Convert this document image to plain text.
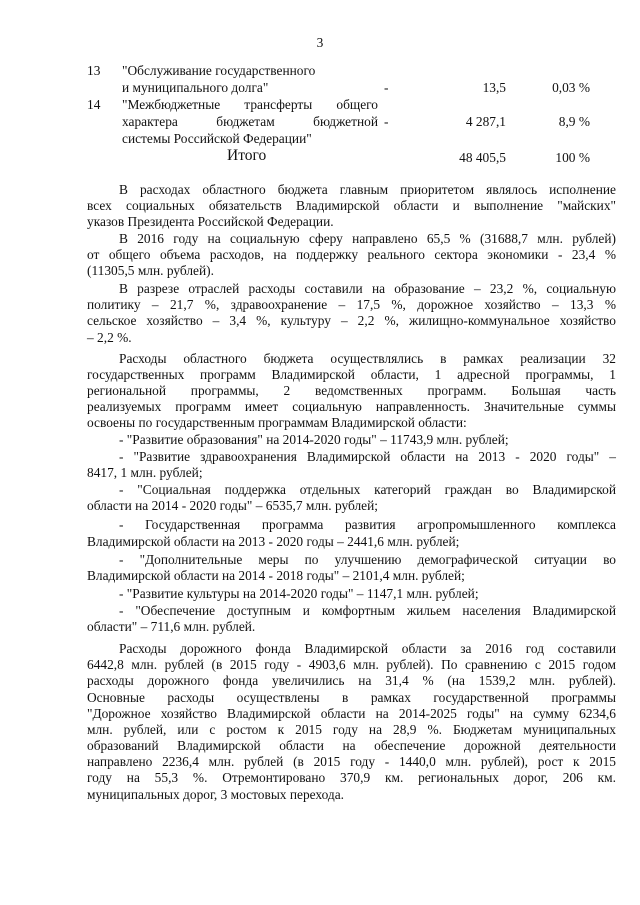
3
13 "Обслуживание государственного
и муниципального долга"	-	13,5	0,03 %
14 "Межбюджетные трансферты общего
характера бюджетам бюджетной
системы Российской Федерации"
-	4 287,1	8,9 %
Итого	48 405,5	100 %
В расходах областного бюджета главным приоритетом являлось исполнение
всех социальных обязательств Владимирской области и выполнение "майских"
указов Президента Российской Федерации.
В 2016 году на социальную сферу направлено 65,5 % (31688,7 млн. рублей)
от общего объема расходов, на поддержку реального сектора экономики - 23,4 %
(11305,5 млн. рублей).
В разрезе отраслей расходы составили на образование – 23,2 %, социальную
политику – 21,7 %, здравоохранение – 17,5 %, дорожное хозяйство – 13,3 %
сельское хозяйство – 3,4 %, культуру – 2,2 %, жилищно-коммунальное хозяйство
– 2,2 %.
Расходы областного бюджета осуществлялись в рамках реализации 32
государственных программ Владимирской области, 1 адресной программы, 1
региональной программы, 2 ведомственных программ. Большая часть
реализуемых программ имеет социальную направленность. Значительные суммы
освоены по государственным программам Владимирской области:
- "Развитие образования" на 2014-2020 годы" – 11743,9 млн. рублей;
- "Развитие здравоохранения Владимирской области на 2013 - 2020 годы" –
8417, 1 млн. рублей;
- "Социальная поддержка отдельных категорий граждан во Владимирской
области на 2014 - 2020 годы" – 6535,7 млн. рублей;
- Государственная программа развития агропромышленного комплекса
Владимирской области на 2013 - 2020 годы – 2441,6 млн. рублей;
- "Дополнительные меры по улучшению демографической ситуации во
Владимирской области на 2014 - 2018 годы" – 2101,4 млн. рублей;
- "Развитие культуры на 2014-2020 годы" – 1147,1 млн. рублей;
- "Обеспечение доступным и комфортным жильем населения Владимирской
области" – 711,6 млн. рублей.
Расходы дорожного фонда Владимирской области за 2016 год составили
6442,8 млн. рублей (в 2015 году - 4903,6 млн. рублей). По сравнению с 2015 годом
расходы дорожного фонда увеличились на 31,4 % (на 1539,2 млн. рублей).
Основные расходы осуществлены в рамках государственной программы
"Дорожное хозяйство Владимирской области на 2014-2025 годы" на сумму 6234,6
млн. рублей, или с ростом к 2015 году на 28,9 %. Бюджетам муниципальных
образований Владимирской области на обеспечение дорожной деятельности
направлено 2236,4 млн. рублей (в 2015 году - 1440,0 млн. рублей), рост к 2015
году на 55,3 %. Отремонтировано 370,9 км. региональных дорог, 206 км.
муниципальных дорог, 3 мостовых перехода.
